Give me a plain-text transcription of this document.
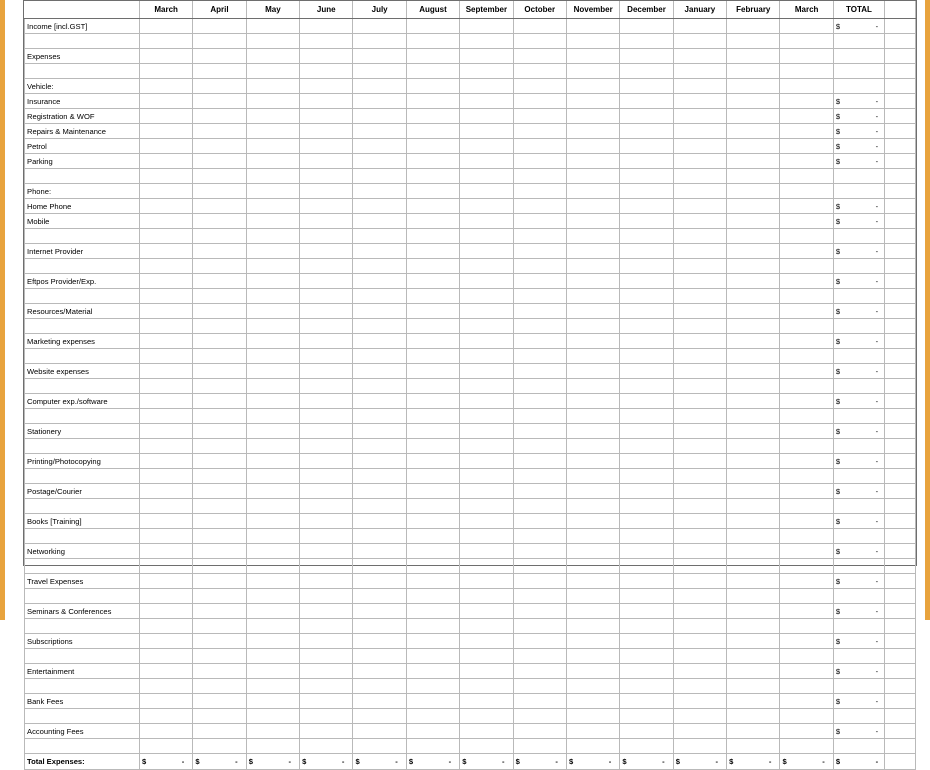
	March	April	May	June	July	August	September	October	November	December	January	February	March	TOTAL	
Income [incl.GST]														$ -	

Expenses															

Vehicle:															
Insurance														$ -	

Registration & WOF														$ -	

Repairs & Maintenance														$ -	

Petrol														$ -	

Parking														$ -	

Phone:															
Home Phone														$ -	

Mobile														$ -	

Internet Provider														$ -	

Eftpos Provider/Exp.														$ -	

Resources/Material														$ -	

Marketing expenses														$ -	

Website expenses														$ -	

Computer exp./software														$ -	

Stationery														$ -	

Printing/Photocopying														$ -	

Postage/Courier														$ -	

Books [Training]														$ -	

Networking														$ -	

Travel Expenses														$ -	

Seminars & Conferences														$ -	

Subscriptions														$ -	

Entertainment														$ -	

Bank Fees														$ -	

Accounting Fees														$ -	

Total Expenses:	$ -	$ -	$ -	$ -	$ -	$ -	$ -	$ -	$ -	$ -	$ -	$ -	$ -	$ -	
